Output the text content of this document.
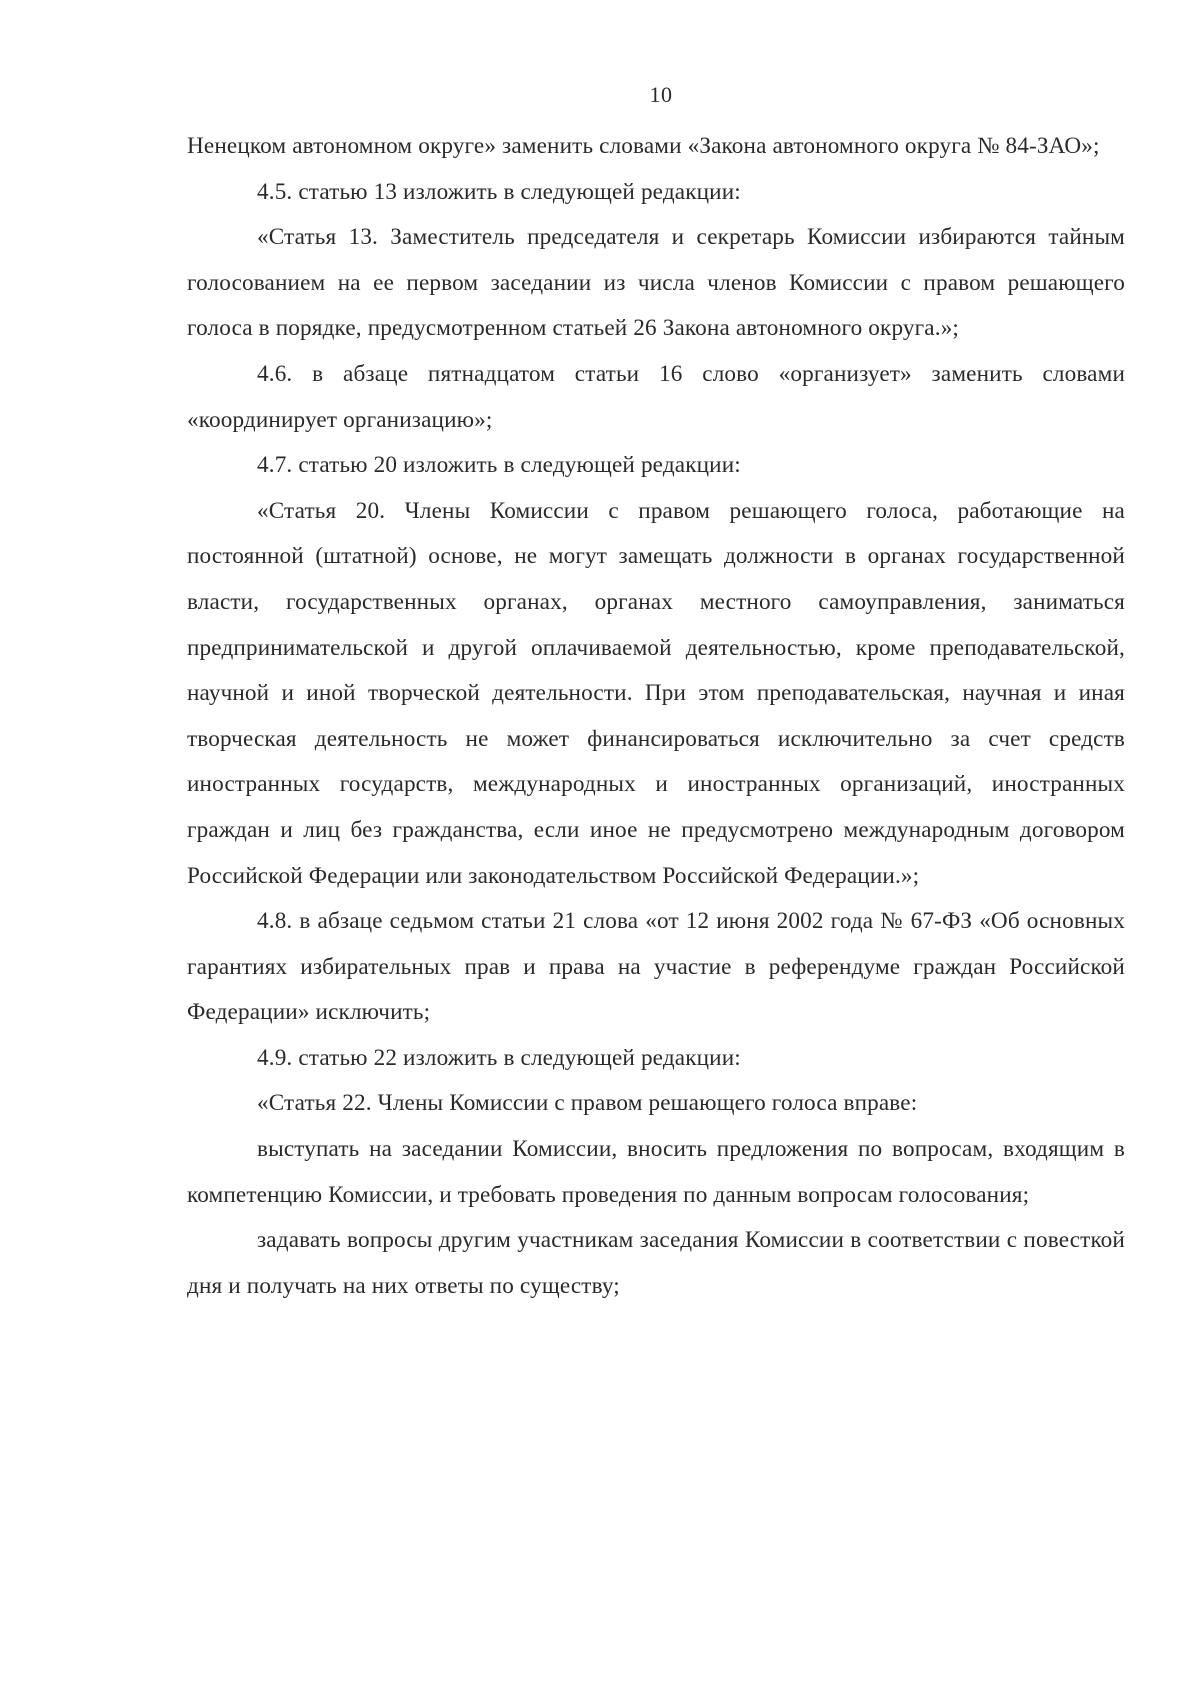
10

Ненецком автономном округе» заменить словами «Закона автономного округа № 84-ЗАО»;

4.5. статью 13 изложить в следующей редакции:

«Статья 13. Заместитель председателя и секретарь Комиссии избираются тайным голосованием на ее первом заседании из числа членов Комиссии с правом решающего голоса в порядке, предусмотренном статьей 26 Закона автономного округа.»;

4.6. в абзаце пятнадцатом статьи 16 слово «организует» заменить словами «координирует организацию»;

4.7. статью 20 изложить в следующей редакции:

«Статья 20. Члены Комиссии с правом решающего голоса, работающие на постоянной (штатной) основе, не могут замещать должности в органах государственной власти, государственных органах, органах местного самоуправления, заниматься предпринимательской и другой оплачиваемой деятельностью, кроме преподавательской, научной и иной творческой деятельности. При этом преподавательская, научная и иная творческая деятельность не может финансироваться исключительно за счет средств иностранных государств, международных и иностранных организаций, иностранных граждан и лиц без гражданства, если иное не предусмотрено международным договором Российской Федерации или законодательством Российской Федерации.»;

4.8. в абзаце седьмом статьи 21 слова «от 12 июня 2002 года № 67-ФЗ «Об основных гарантиях избирательных прав и права на участие в референдуме граждан Российской Федерации» исключить;

4.9. статью 22 изложить в следующей редакции:

«Статья 22. Члены Комиссии с правом решающего голоса вправе:

выступать на заседании Комиссии, вносить предложения по вопросам, входящим в компетенцию Комиссии, и требовать проведения по данным вопросам голосования;

задавать вопросы другим участникам заседания Комиссии в соответствии с повесткой дня и получать на них ответы по существу;
